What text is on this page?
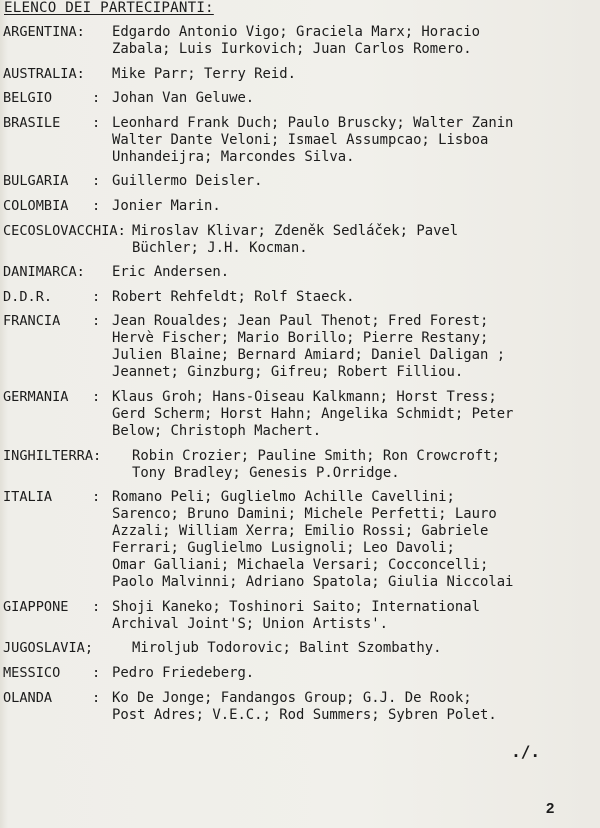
ELENCO DEI PARTECIPANTI:
ARGENTINA: Edgardo Antonio Vigo; Graciela Marx; Horacio
Zabala; Luis Iurkovich; Juan Carlos Romero.
AUSTRALIA: Mike Parr; Terry Reid.
BELGIO	: Johan Van Geluwe.
BRASILE : Leonhard Frank Duch; Paulo Bruscky; Walter Zanin
Walter Dante Veloni; Ismael Assumpcao; Lisboa
Unhandeijra; Marcondes Silva.
BULGARIA : Guillermo Deisler.
COLOMBIA : Jonier Marin.
CECOSLOVACCHIA: Miroslav Klivar; Zdeněk Sedláček; Pavel
Büchler; J.H. Kocman.
DANIMARCA: Eric Andersen.
D.D.R.	: Robert Rehfeldt; Rolf Staeck.
FRANCIA : Jean Roualdes; Jean Paul Thenot; Fred Forest;
Hervè Fischer; Mario Borillo; Pierre Restany;
Julien Blaine; Bernard Amiard; Daniel Daligan ;
Jeannet; Ginzburg; Gifreu; Robert Filliou.
GERMANIA : Klaus Groh; Hans-Oiseau Kalkmann; Horst Tress;
Gerd Scherm; Horst Hahn; Angelika Schmidt; Peter
Below; Christoph Machert.
INGHILTERRA: Robin Crozier; Pauline Smith; Ron Crowcroft;
Tony Bradley; Genesis P.Orridge.
ITALIA	: Romano Peli; Guglielmo Achille Cavellini;
Sarenco; Bruno Damini; Michele Perfetti; Lauro
Azzali; William Xerra; Emilio Rossi; Gabriele
Ferrari; Guglielmo Lusignoli; Leo Davoli;
Omar Galliani; Michaela Versari; Cocconcelli;
Paolo Malvinni; Adriano Spatola; Giulia Niccolai
GIAPPONE : Shoji Kaneko; Toshinori Saito; International
Archival Joint'S; Union Artists'.
JUGOSLAVIA;	Miroljub Todorovic; Balint Szombathy.
MESSICO : Pedro Friedeberg.
OLANDA	: Ko De Jonge; Fandangos Group; G.J. De Rook;
Post Adres; V.E.C.; Rod Summers; Sybren Polet.
./.
2
